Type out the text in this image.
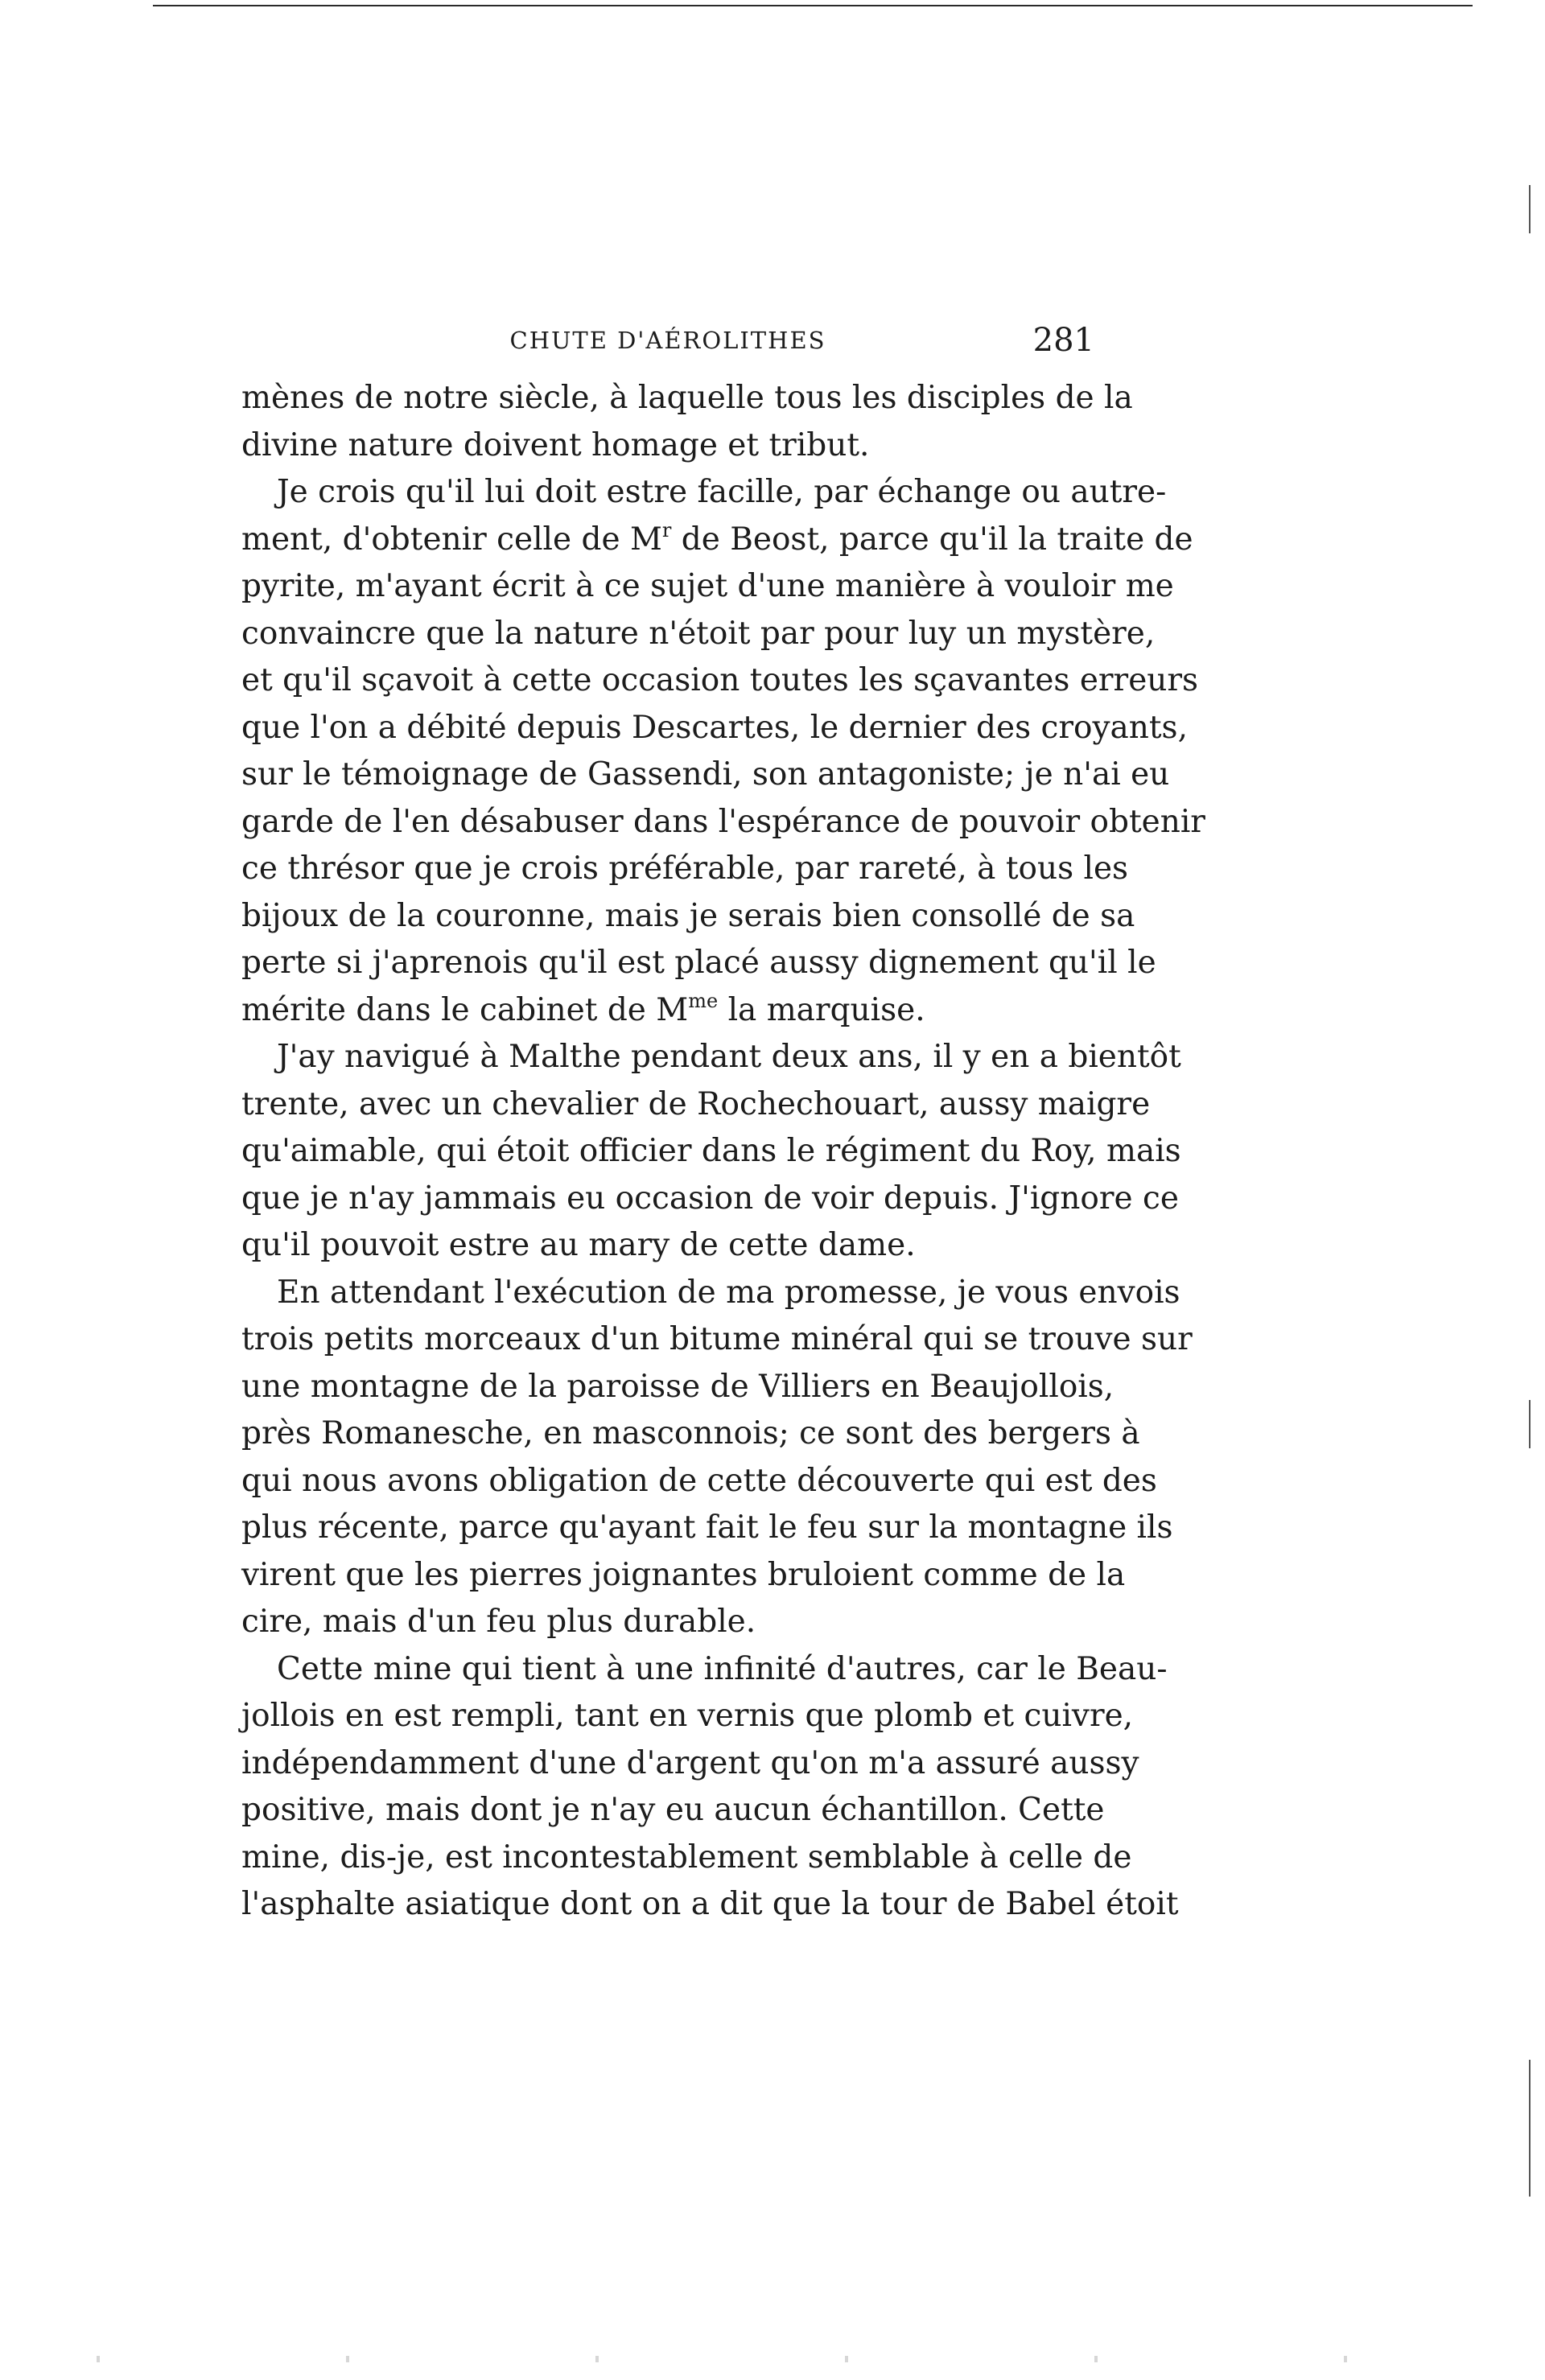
CHUTE D'AÉROLITHES	281
mènes de notre siècle, à laquelle tous les disciples de la
divine nature doivent homage et tribut.
Je crois qu'il lui doit estre facille, par échange ou autre-
ment, d'obtenir celle de $M^r$ de Beost, parce qu'il la traite de
pyrite, m'ayant écrit à ce sujet d'une manière à vouloir me
convaincre que la nature n'étoit par pour luy un mystère,
et qu'il sçavoit à cette occasion toutes les sçavantes erreurs
que l'on a débité depuis Descartes, le dernier des croyants,
sur le témoignage de Gassendi, son antagoniste; je n'ai eu
garde de l'en désabuser dans l'espérance de pouvoir obtenir
ce thrésor que je crois préférable, par rareté, à tous les
bijoux de la couronne, mais je serais bien consollé de sa
perte si j'aprenois qu'il est placé aussy dignement qu'il le
mérite dans le cabinet de $M^{me}$ la marquise.
J'ay navigué à Malthe pendant deux ans, il y en a bientôt
trente, avec un chevalier de Rochechouart, aussy maigre
qu'aimable, qui étoit officier dans le régiment du Roy, mais
que je n'ay jammais eu occasion de voir depuis. J'ignore ce
qu'il pouvoit estre au mary de cette dame.
En attendant l'exécution de ma promesse, je vous envois
trois petits morceaux d'un bitume minéral qui se trouve sur
une montagne de la paroisse de Villiers en Beaujollois,
près Romanesche, en masconnois; ce sont des bergers à
qui nous avons obligation de cette découverte qui est des
plus récente, parce qu'ayant fait le feu sur la montagne ils
virent que les pierres joignantes bruloient comme de la
cire, mais d'un feu plus durable.
Cette mine qui tient à une infinité d'autres, car le Beau-
jollois en est rempli, tant en vernis que plomb et cuivre,
indépendamment d'une d'argent qu'on m'a assuré aussy
positive, mais dont je n'ay eu aucun échantillon. Cette
mine, dis-je, est incontestablement semblable à celle de
l'asphalte asiatique dont on a dit que la tour de Babel étoit
